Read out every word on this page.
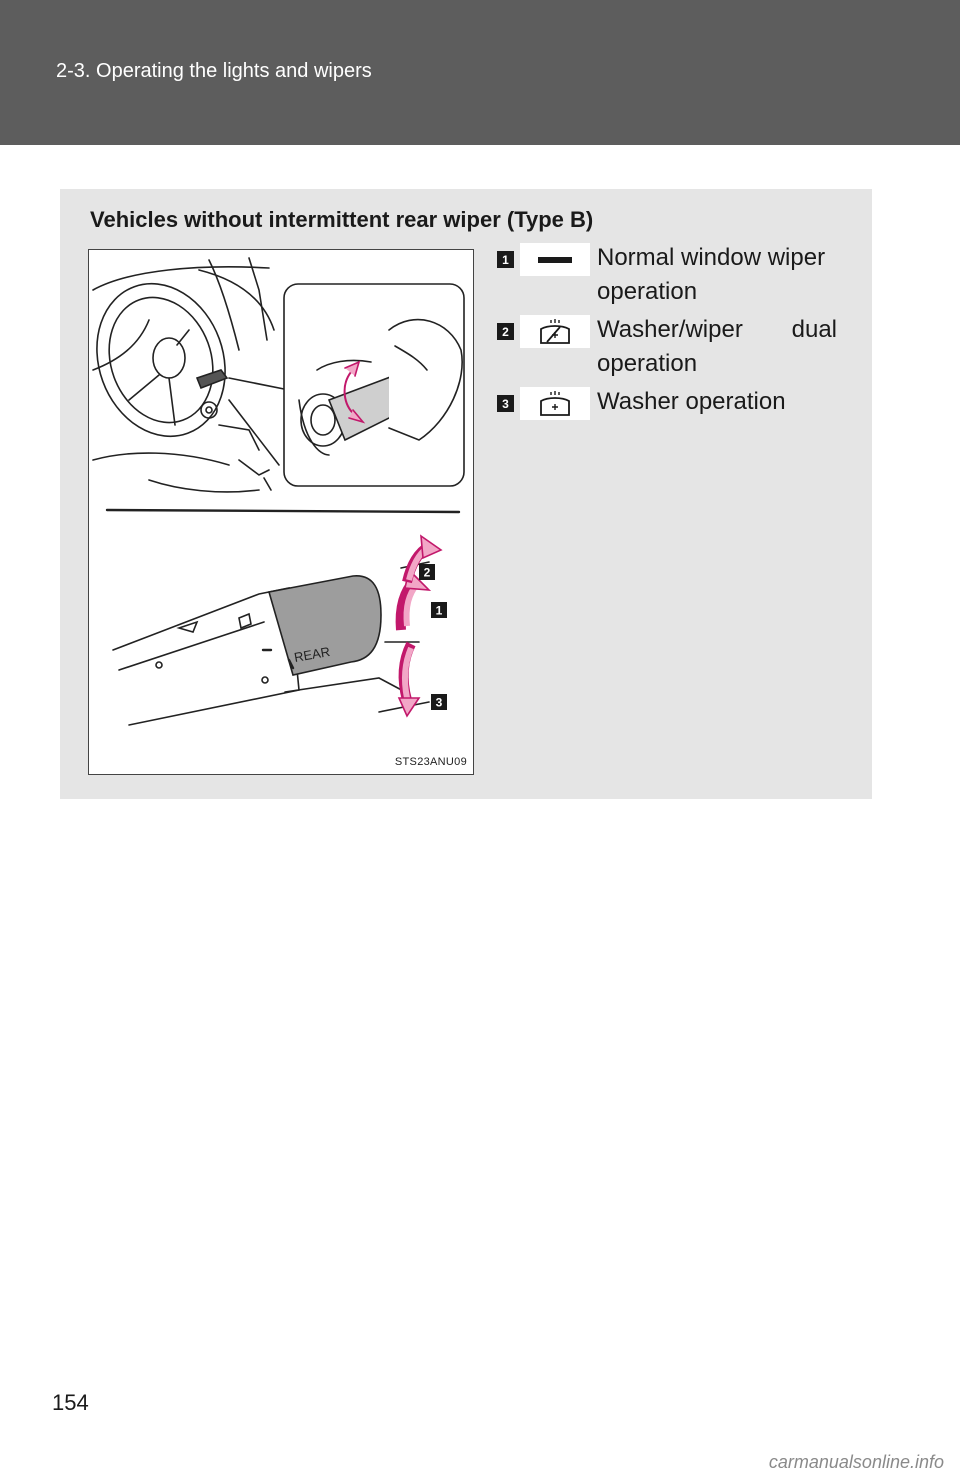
2-3. Operating the lights and wipers
Vehicles without intermittent rear wiper (Type B)
REAR
2
1
3
STS23ANU09
1	Normal window wiper
operation
2	Washer/wiper dual
operation
3	Washer operation
154
carmanualsonline.info
